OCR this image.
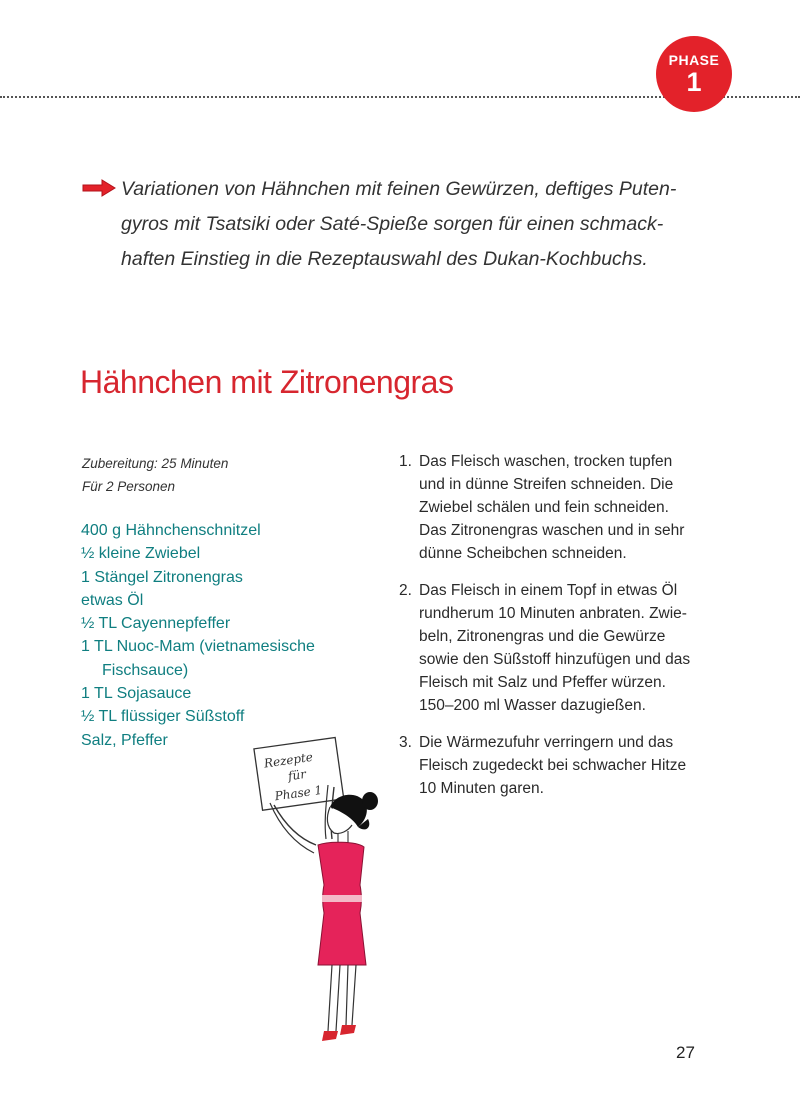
PHASE
1
Variationen von Hähnchen mit feinen Gewürzen, deftiges Puten-
gyros mit Tsatsiki oder Saté-Spieße sorgen für einen schmack-
haften Einstieg in die Rezeptauswahl des Dukan-Kochbuchs.
Hähnchen mit Zitronengras
Zubereitung: 25 Minuten
Für 2 Personen
400 g Hähnchenschnitzel
½ kleine Zwiebel
1 Stängel Zitronengras
etwas Öl
½ TL Cayennepfeffer
1 TL Nuoc-Mam (vietnamesische
Fischsauce)
1 TL Sojasauce
½ TL flüssiger Süßstoff
Salz, Pfeffer
1. Das Fleisch waschen, trocken tupfen
und in dünne Streifen schneiden. Die
Zwiebel schälen und fein schneiden.
Das Zitronengras waschen und in sehr
dünne Scheibchen schneiden.
2. Das Fleisch in einem Topf in etwas Öl
rundherum 10 Minuten anbraten. Zwie-
beln, Zitronengras und die Gewürze
sowie den Süßstoff hinzufügen und das
Fleisch mit Salz und Pfeffer würzen.
150–200 ml Wasser dazugießen.
3. Die Wärmezufuhr verringern und das
Fleisch zugedeckt bei schwacher Hitze
10 Minuten garen.
Rezepte
für
Phase 1
27
